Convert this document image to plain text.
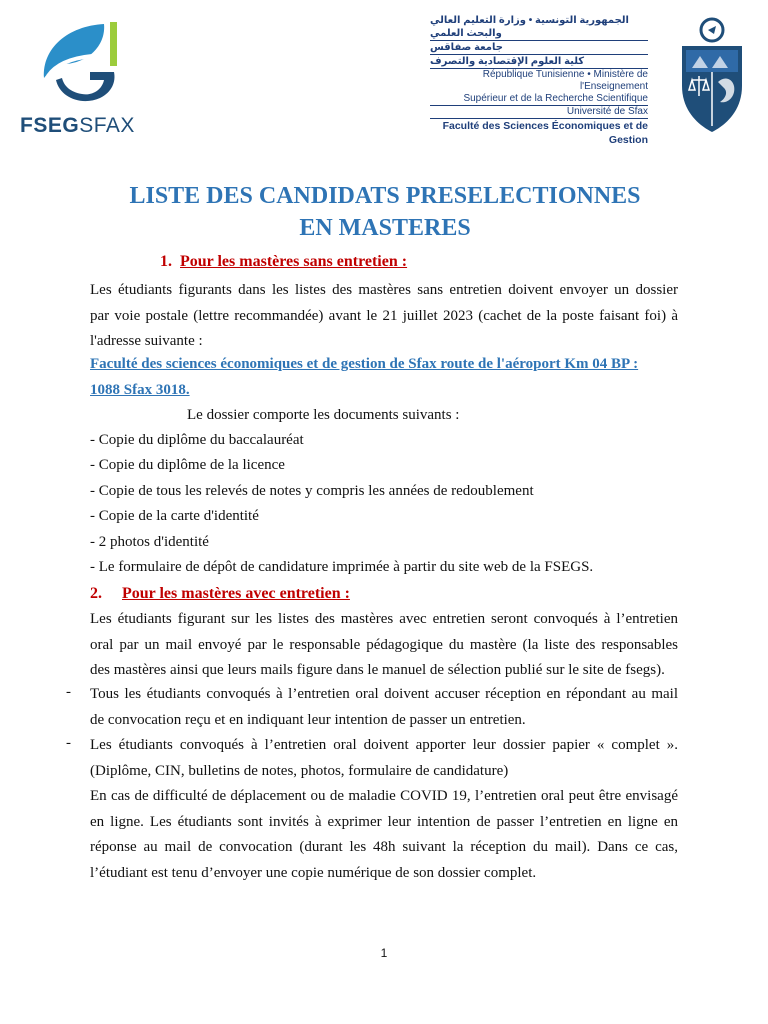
FSEGSFAX
الجمهورية التونسية • وزارة التعليم العالي والبحث العلمي
جامعة صفاقس
كلية العلوم الإقتصادية والتصرف
République Tunisienne • Ministère de l'Enseignement
Supérieur et de la Recherche Scientifique
Université de Sfax
Faculté des Sciences Économiques et de Gestion
LISTE DES CANDIDATS PRESELECTIONNES
EN MASTERES
1. Pour les mastères sans entretien :
Les étudiants figurants dans les listes des mastères sans entretien doivent envoyer un dossier
par voie postale (lettre recommandée) avant le 21 juillet 2023 (cachet de la poste faisant foi) à
l'adresse suivante :
Faculté des sciences économiques et de gestion de Sfax route de l'aéroport Km 04 BP :
1088 Sfax 3018.
Le dossier comporte les documents suivants :
- Copie du diplôme du baccalauréat
- Copie du diplôme de la licence
- Copie de tous les relevés de notes y compris les années de redoublement
- Copie de la carte d'identité
- 2 photos d'identité
- Le formulaire de dépôt de candidature imprimée à partir du site web de la FSEGS.
2. Pour les mastères avec entretien :
Les étudiants figurant sur les listes des mastères avec entretien seront convoqués à l’entretien
oral par un mail envoyé par le responsable pédagogique du mastère (la liste des responsables
des mastères ainsi que leurs mails figure dans le manuel de sélection publié sur le site de fsegs).
- Tous les étudiants convoqués à l’entretien oral doivent accuser réception en répondant au mail
de convocation reçu et en indiquant leur intention de passer un entretien.
- Les étudiants convoqués à l’entretien oral doivent apporter leur dossier papier « complet ».
(Diplôme, CIN, bulletins de notes, photos, formulaire de candidature)
En cas de difficulté de déplacement ou de maladie COVID 19, l’entretien oral peut être envisagé
en ligne. Les étudiants sont invités à exprimer leur intention de passer l’entretien en ligne en
réponse au mail de convocation (durant les 48h suivant la réception du mail). Dans ce cas,
l’étudiant est tenu d’envoyer une copie numérique de son dossier complet.
1
